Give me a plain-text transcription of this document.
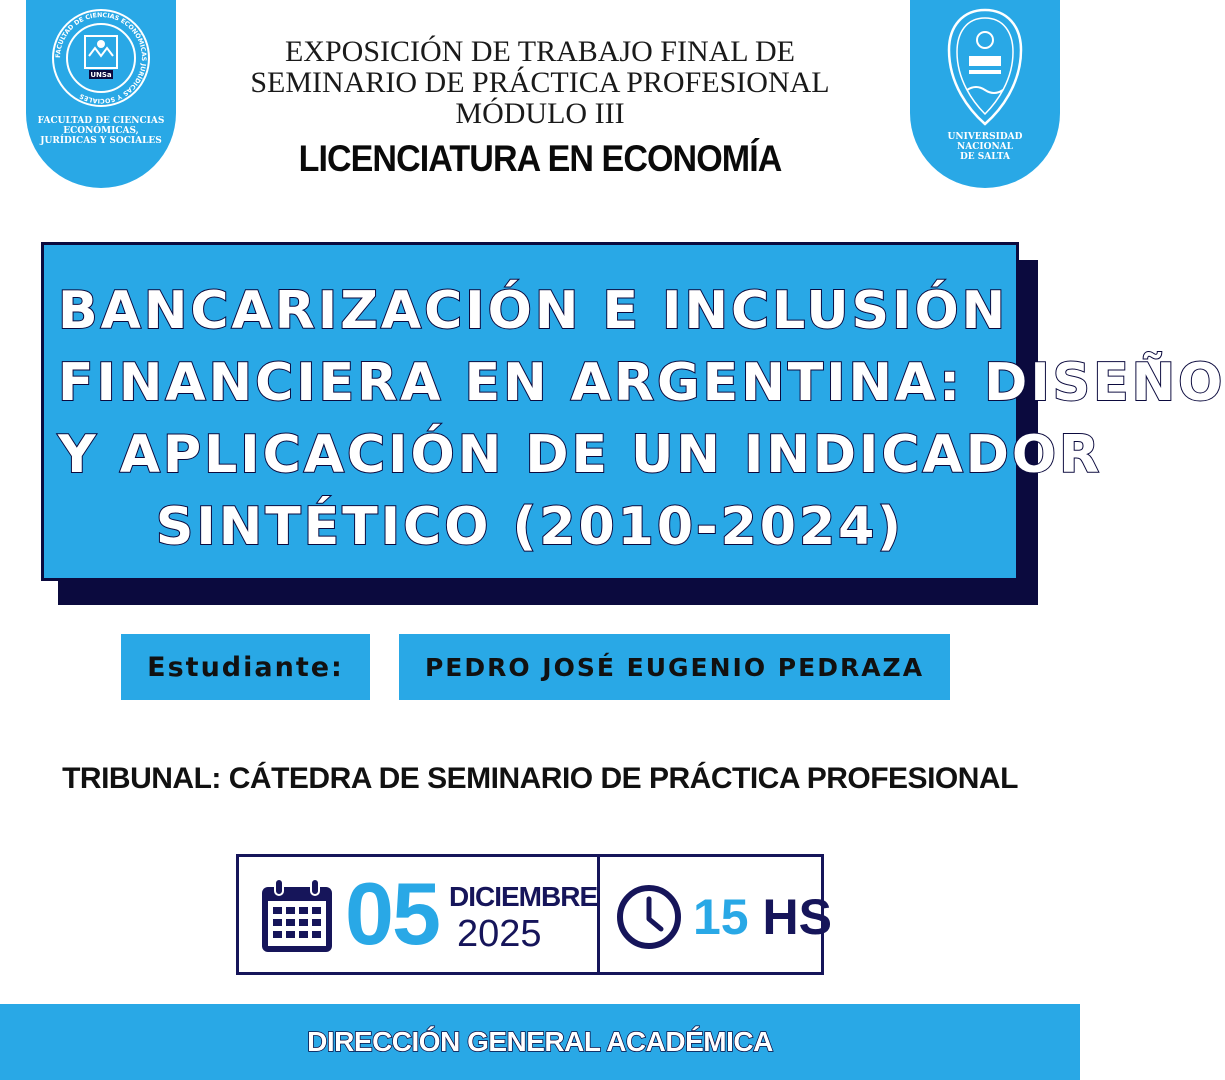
FACULTAD DE CIENCIAS ECONÓMICAS JURÍDICAS Y SOCIALES
UNSa
FACULTAD DE CIENCIAS
ECONÓMICAS,
JURÍDICAS Y SOCIALES	UNIVERSIDAD
NACIONAL
DE SALTA
EXPOSICIÓN DE TRABAJO FINAL DE
SEMINARIO DE PRÁCTICA PROFESIONAL
MÓDULO III
LICENCIATURA EN ECONOMÍA
BANCARIZACIÓN E INCLUSIÓN
FINANCIERA EN ARGENTINA: DISEÑO
Y APLICACIÓN DE UN INDICADOR
SINTÉTICO (2010-2024)
Estudiante:	PEDRO JOSÉ EUGENIO PEDRAZA
TRIBUNAL: CÁTEDRA DE SEMINARIO DE PRÁCTICA PROFESIONAL
05 DICIEMBRE
2025	15 HS
DIRECCIÓN GENERAL ACADÉMICA
